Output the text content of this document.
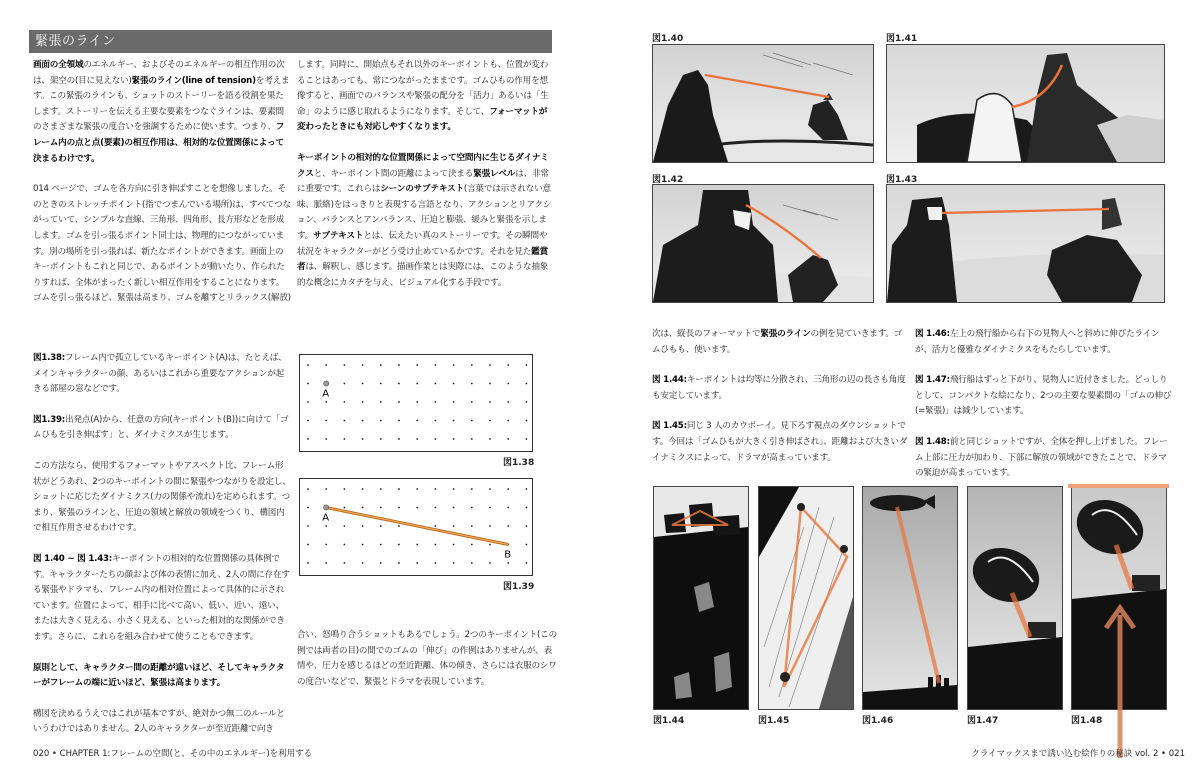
緊張のライン

画面の全領域のエネルギー、およびそのエネルギーの相互作用の次は、架空の(目に見えない)緊張のライン(line of tension)を考えます。この緊張のラインも、ショットのストーリーを語る役割を果たします。ストーリーを伝える主要な要素をつなぐラインは、要素間のさまざまな緊張の度合いを強調するために使います。つまり、フレーム内の点と点(要素)の相互作用は、相対的な位置関係によって決まるわけです。

014 ページで、ゴムを各方向に引き伸ばすことを想像しました。そのときのストレッチポイント(指でつまんでいる場所)は、すべてつながっていて、シンプルな直線、三角形、四角形、長方形などを形成します。ゴムを引っ張るポイント同士は、物理的につながっています。別の場所を引っ張れば、新たなポイントができます。画面上のキーポイントもこれと同じで、あるポイントが動いたり、作られたりすれば、全体がまったく新しい相互作用をすることになります。ゴムを引っ張るほど、緊張は高まり、ゴムを離すとリラックス(解放)

します。同時に、開始点もそれ以外のキーポイントも、位置が変わることはあっても、常につながったままです。ゴムひもの作用を想像すると、画面でのバランスや緊張の配分を「活力」あるいは「生命」のように感じ取れるようになります。そして、フォーマットが変わったときにも対応しやすくなります。

キーポイントの相対的な位置関係によって空間内に生じるダイナミクスと、キーポイント間の距離によって決まる緊張レベルは、非常に重要です。これらはシーンのサブテキスト(言葉では示されない意味、脈絡)をはっきりと表現する言語となり、アクションとリアクション、バランスとアンバランス、圧迫と膨張、緩みと緊張を示します。サブテキストとは、伝えたい真のストーリーです。その瞬間や状況をキャラクターがどう受け止めているかです。それを見た鑑賞者は、解釈し、感じます。描画作業とは実際には、このような抽象的な概念にカタチを与え、ビジュアル化する手段です。

図1.38:フレーム内で孤立しているキーポイント(A)は、たとえば、メインキャラクターの顔、あるいはこれから重要なアクションが起きる部屋の窓などです。

図1.39:出発点(A)から、任意の方向(キーポイント(B))に向けて「ゴムひもを引き伸ばす」と、ダイナミクスが生じます。

この方法なら、使用するフォーマットやアスペクト比、フレーム形状がどうあれ、2つのキーポイントの間に緊張やつながりを設定し、ショットに応じたダイナミクス(力の関係や流れ)を定められます。つまり、緊張のラインと、圧迫の領域と解放の領域をつくり、構図内で相互作用させるわけです。

図 1.40 ~ 図 1.43:キーポイントの相対的な位置関係の具体例です。キャラクターたちの顔および体の表情に加え、2人の間に存在する緊張やドラマも、フレーム内の相対位置によって具体的に示されています。位置によって、相手に比べて高い、低い、近い、遠い、または大きく見える、小さく見える、といった相対的な関係ができます。さらに、これらを組み合わせて使うこともできます。

原則として、キャラクター間の距離が遠いほど、そしてキャラクターがフレームの端に近いほど、緊張は高まります。

構図を決めるうえではこれが基本ですが、絶対かつ無二のルールというわけではありません。2人のキャラクターが至近距離で向き

合い、怒鳴り合うショットもあるでしょう。2つのキーポイント(この例では両者の目)の間でのゴムの「伸び」の作例はありませんが、表情や、圧力を感じるほどの至近距離、体の傾き、さらには衣服のシワの度合いなどで、緊張とドラマを表現しています。

A
図1.38
B
A
図1.39
020 • CHAPTER 1:フレームの空間(と、その中のエネルギー)を利用する
図1.40	図1.41
図1.42	図1.43

次は、縦長のフォーマットで緊張のラインの例を見ていきます。ゴムひもも、使います。

図 1.44:キーポイントは均等に分散され、三角形の辺の長さも角度も安定しています。

図 1.45:同じ 3 人のカウボーイ。見下ろす視点のダウンショットです。今回は「ゴムひもが大きく引き伸ばされ」、距離および大きいダイナミクスによって、ドラマが高まっています。

図 1.46:左上の飛行船から右下の見物人へと斜めに伸びたラインが、活力と優雅なダイナミクスをもたらしています。

図 1.47:飛行船はずっと下がり、見物人に近付きました。どっしりとして、コンパクトな絵になり、2つの主要な要素間の「ゴムの伸び(=緊張)」は減少しています。

図 1.48:前と同じショットですが、全体を押し上げました。フレーム上部に圧力が加わり、下部に解放の領域ができたことで、ドラマの緊迫が高まっています。

図1.44	図1.45	図1.46	図1.47	図1.48
クライマックスまで誘い込む絵作りの秘訣 vol. 2 • 021
